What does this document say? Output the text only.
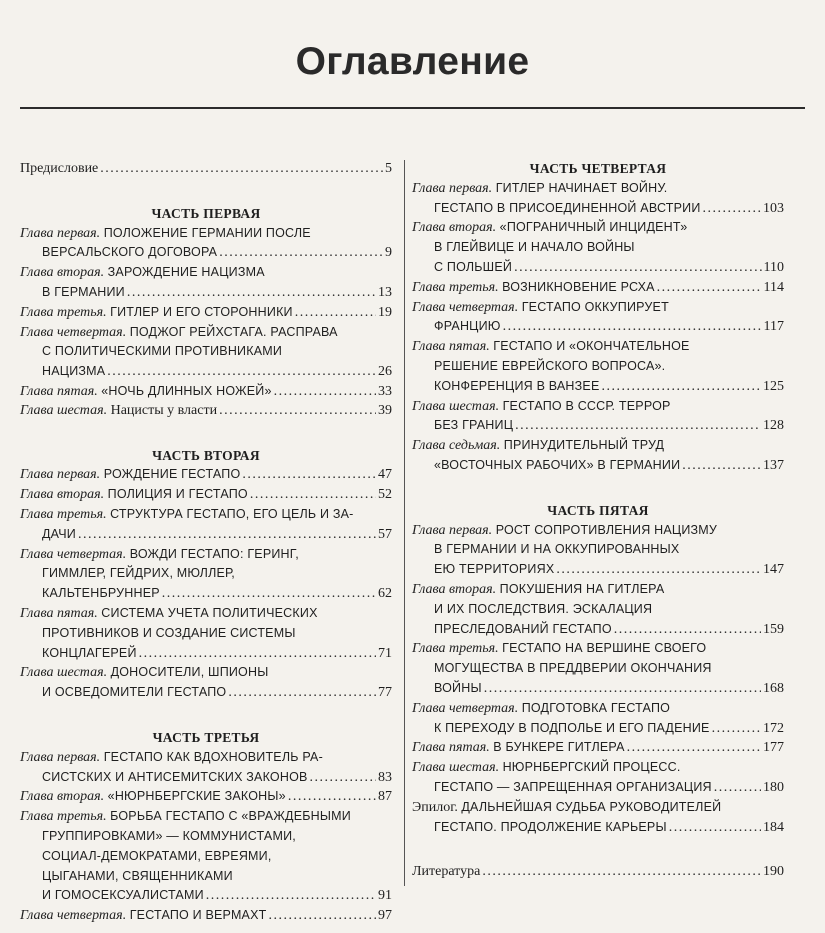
Оглавление
Предисловие . . .	5
ЧАСТЬ ПЕРВАЯ
Глава первая. ПОЛОЖЕНИЕ ГЕРМАНИИ ПОСЛЕ
ВЕРСАЛЬСКОГО ДОГОВОРА . . .	9
Глава вторая. ЗАРОЖДЕНИЕ НАЦИЗМА
В ГЕРМАНИИ . . .	13
Глава третья.
ГИТЛЕР И ЕГО СТОРОННИКИ . . .	19
Глава четвертая. ПОДЖОГ РЕЙХСТАГА. РАСПРАВА
С ПОЛИТИЧЕСКИМИ ПРОТИВНИКАМИ
НАЦИЗМА . . .	26
Глава пятая.
«НОЧЬ ДЛИННЫХ НОЖЕЙ» . . .	33
Глава шестая.
Нацисты у власти . . .	39
ЧАСТЬ ВТОРАЯ
Глава первая.
РОЖДЕНИЕ ГЕСТАПО . . .	47
Глава вторая.
ПОЛИЦИЯ И ГЕСТАПО . . .	52
Глава третья. СТРУКТУРА ГЕСТАПО, ЕГО ЦЕЛЬ И ЗА-
ДАЧИ . . .	57
Глава четвертая. ВОЖДИ ГЕСТАПО: ГЕРИНГ,
ГИММЛЕР, ГЕЙДРИХ, МЮЛЛЕР,
КАЛЬТЕНБРУННЕР . . .	62
Глава пятая. СИСТЕМА УЧЕТА ПОЛИТИЧЕСКИХ
ПРОТИВНИКОВ И СОЗДАНИЕ СИСТЕМЫ
КОНЦЛАГЕРЕЙ . . .	71
Глава шестая. ДОНОСИТЕЛИ, ШПИОНЫ
И ОСВЕДОМИТЕЛИ ГЕСТАПО . . .	77
ЧАСТЬ ТРЕТЬЯ
Глава первая. ГЕСТАПО КАК ВДОХНОВИТЕЛЬ РА-
СИСТСКИХ И АНТИСЕМИТСКИХ ЗАКОНОВ . . .	83
Глава вторая.
«НЮРНБЕРГСКИЕ ЗАКОНЫ» . . .	87
Глава третья. БОРЬБА ГЕСТАПО С «ВРАЖДЕБНЫМИ
ГРУППИРОВКАМИ» — КОММУНИСТАМИ,
СОЦИАЛ-ДЕМОКРАТАМИ, ЕВРЕЯМИ,
ЦЫГАНАМИ, СВЯЩЕННИКАМИ
И ГОМОСЕКСУАЛИСТАМИ . . .	91
Глава четвертая.
ГЕСТАПО И ВЕРМАХТ . . .	97
ЧАСТЬ ЧЕТВЕРТАЯ
Глава первая. ГИТЛЕР НАЧИНАЕТ ВОЙНУ.
ГЕСТАПО В ПРИСОЕДИНЕННОЙ АВСТРИИ . . .	103
Глава вторая. «ПОГРАНИЧНЫЙ ИНЦИДЕНТ»
В ГЛЕЙВИЦЕ И НАЧАЛО ВОЙНЫ
С ПОЛЬШЕЙ . . .	110
Глава третья.
ВОЗНИКНОВЕНИЕ РСХА . . .	114
Глава четвертая. ГЕСТАПО ОККУПИРУЕТ
ФРАНЦИЮ . . .	117
Глава пятая. ГЕСТАПО И «ОКОНЧАТЕЛЬНОЕ
РЕШЕНИЕ ЕВРЕЙСКОГО ВОПРОСА».
КОНФЕРЕНЦИЯ В ВАНЗЕЕ . . .	125
Глава шестая. ГЕСТАПО В СССР. ТЕРРОР
БЕЗ ГРАНИЦ . . .	128
Глава седьмая. ПРИНУДИТЕЛЬНЫЙ ТРУД
«ВОСТОЧНЫХ РАБОЧИХ» В ГЕРМАНИИ . . .	137
ЧАСТЬ ПЯТАЯ
Глава первая. РОСТ СОПРОТИВЛЕНИЯ НАЦИЗМУ
В ГЕРМАНИИ И НА ОККУПИРОВАННЫХ
ЕЮ ТЕРРИТОРИЯХ . . .	147
Глава вторая. ПОКУШЕНИЯ НА ГИТЛЕРА
И ИХ ПОСЛЕДСТВИЯ. ЭСКАЛАЦИЯ
ПРЕСЛЕДОВАНИЙ ГЕСТАПО . . .	159
Глава третья. ГЕСТАПО НА ВЕРШИНЕ СВОЕГО
МОГУЩЕСТВА В ПРЕДДВЕРИИ ОКОНЧАНИЯ
ВОЙНЫ . . .	168
Глава четвертая. ПОДГОТОВКА ГЕСТАПО
К ПЕРЕХОДУ В ПОДПОЛЬЕ И ЕГО ПАДЕНИЕ . . .	172
Глава пятая.
В БУНКЕРЕ ГИТЛЕРА . . .	177
Глава шестая. НЮРНБЕРГСКИЙ ПРОЦЕСС.
ГЕСТАПО — ЗАПРЕЩЕННАЯ ОРГАНИЗАЦИЯ . . .	180
Эпилог. ДАЛЬНЕЙШАЯ СУДЬБА РУКОВОДИТЕЛЕЙ
ГЕСТАПО. ПРОДОЛЖЕНИЕ КАРЬЕРЫ . . .	184
Литература . . .	190
